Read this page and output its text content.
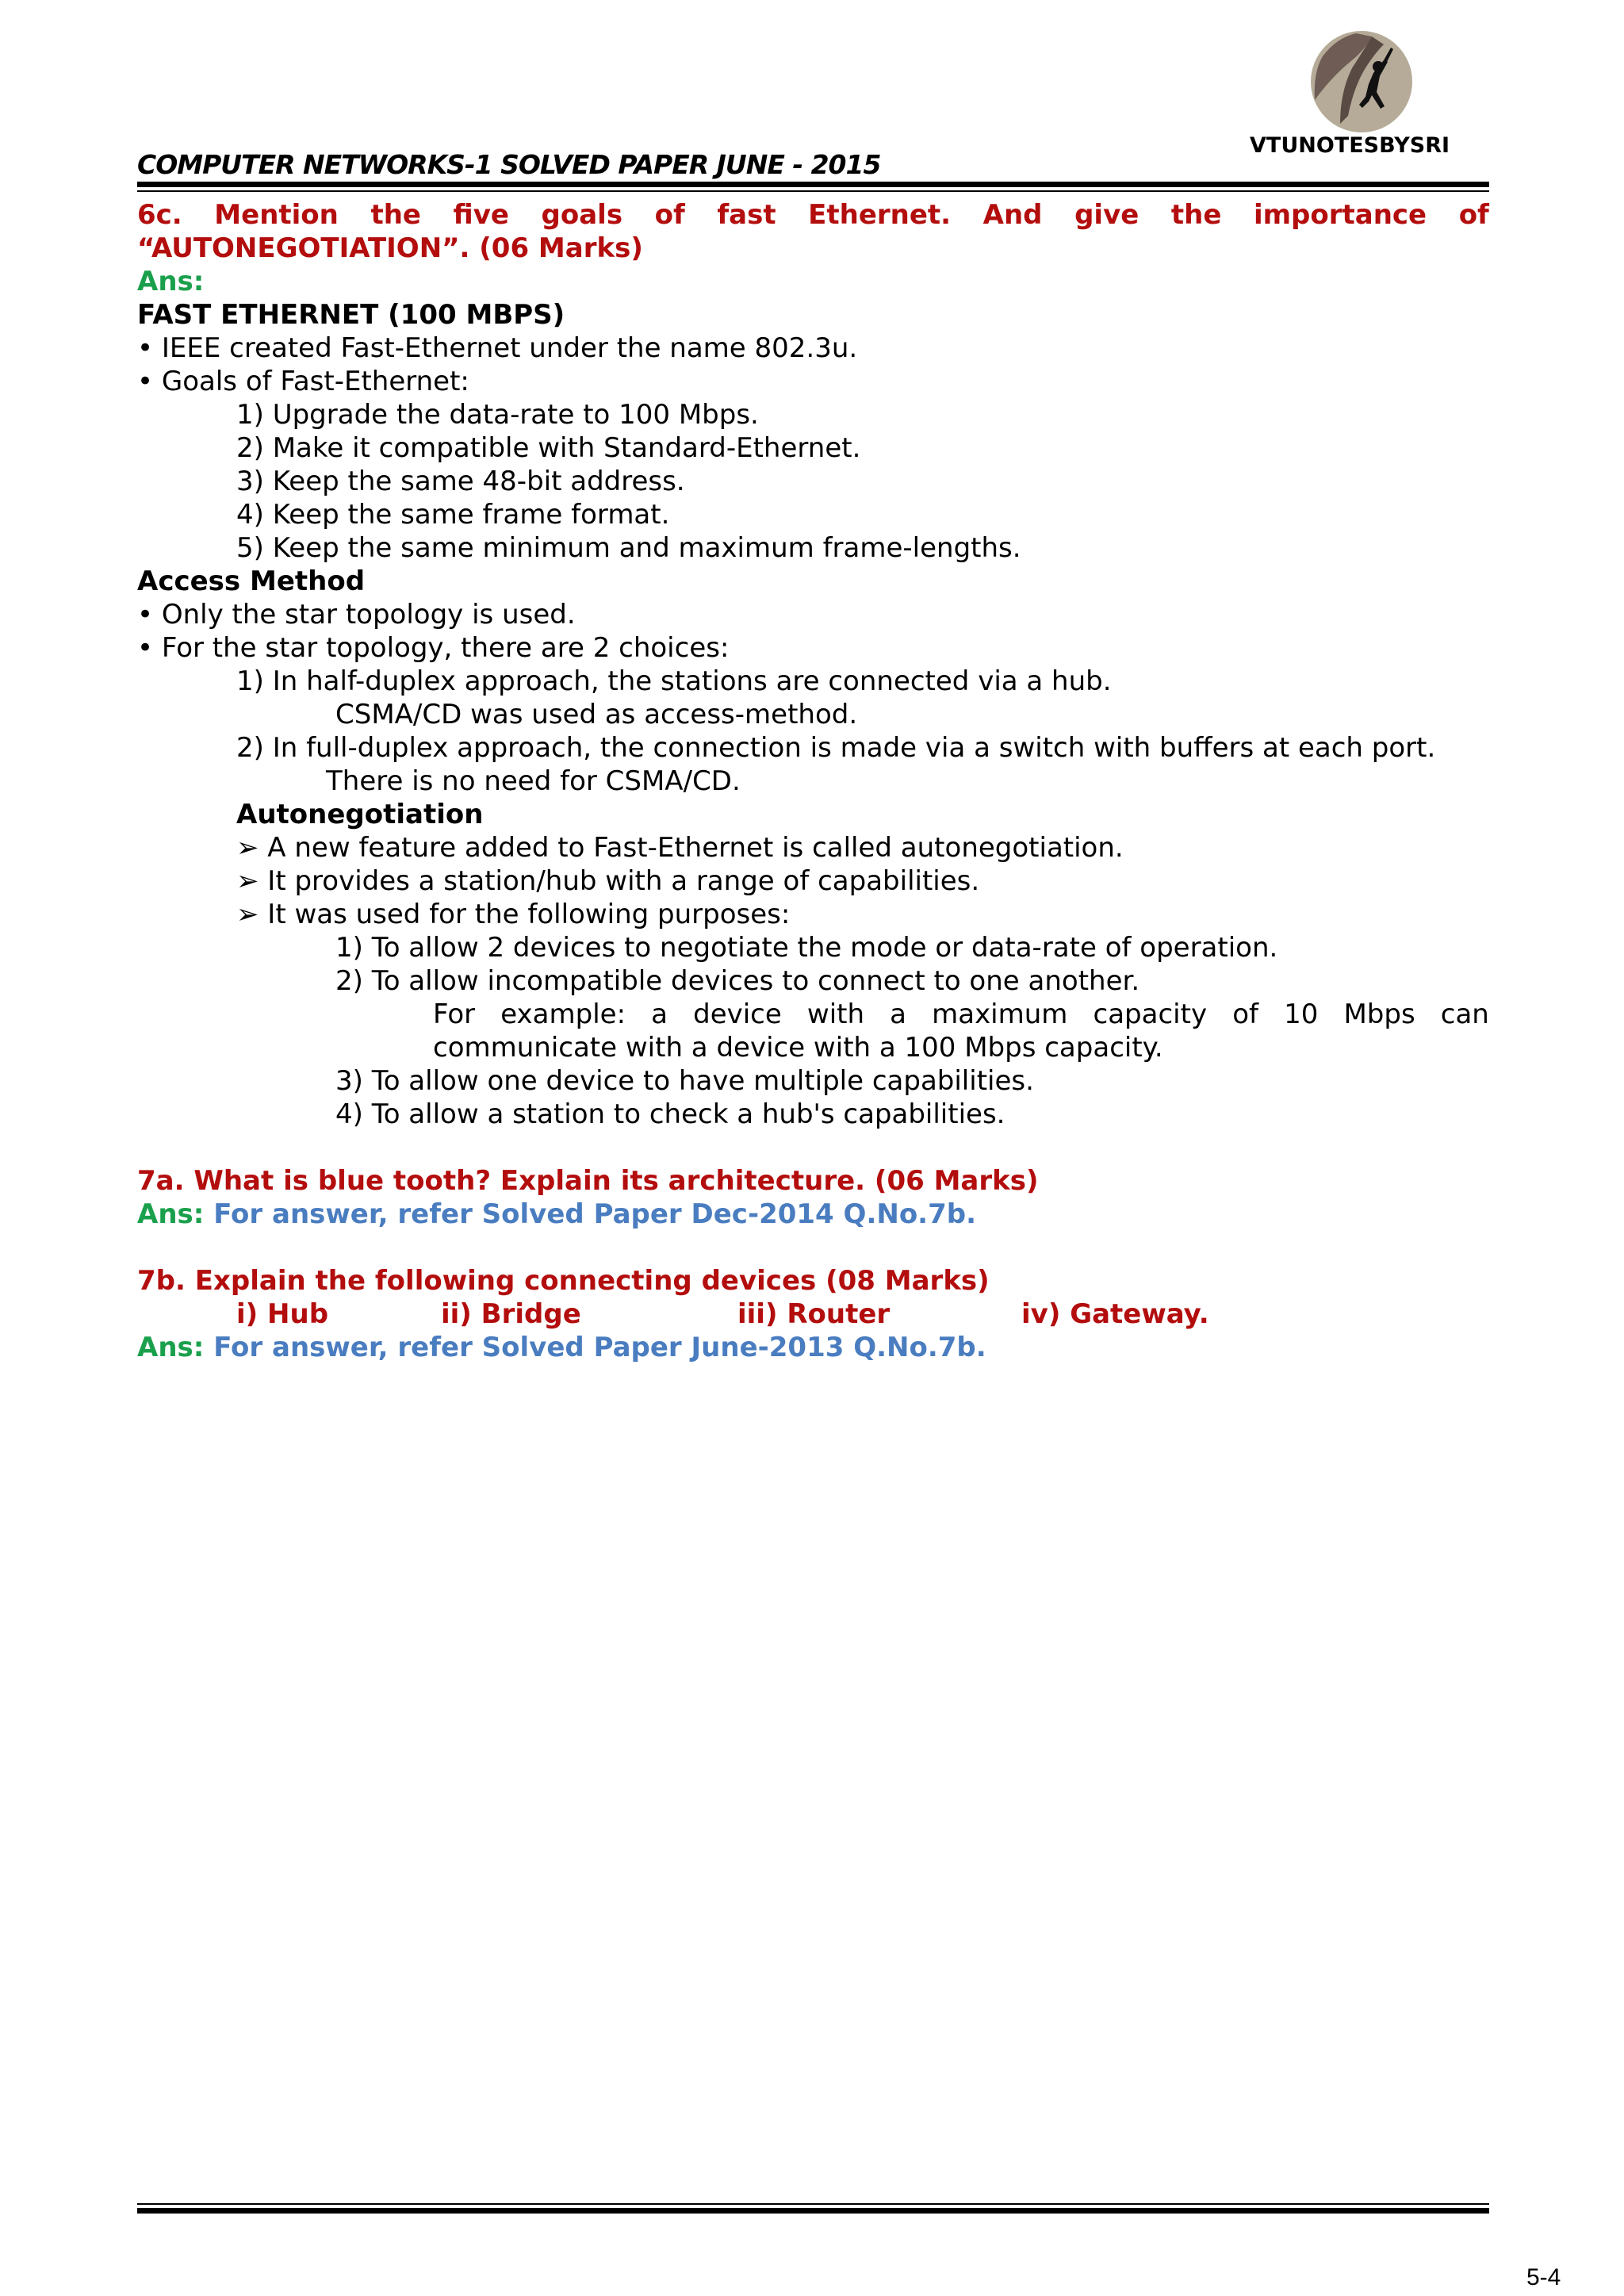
COMPUTER NETWORKS-1 SOLVED PAPER JUNE - 2015
VTUNOTESBYSRI
6c. Mention the five goals of fast Ethernet. And give the importance of
“AUTONEGOTIATION”. (06 Marks)
Ans:
FAST ETHERNET (100 MBPS)
• IEEE created Fast-Ethernet under the name 802.3u.
• Goals of Fast-Ethernet:
1) Upgrade the data-rate to 100 Mbps.
2) Make it compatible with Standard-Ethernet.
3) Keep the same 48-bit address.
4) Keep the same frame format.
5) Keep the same minimum and maximum frame-lengths.
Access Method
• Only the star topology is used.
• For the star topology, there are 2 choices:
1) In half-duplex approach, the stations are connected via a hub.
CSMA/CD was used as access-method.
2) In full-duplex approach, the connection is made via a switch with buffers at each port.
There is no need for CSMA/CD.
Autonegotiation
➢ A new feature added to Fast-Ethernet is called autonegotiation.
➢ It provides a station/hub with a range of capabilities.
➢ It was used for the following purposes:
1) To allow 2 devices to negotiate the mode or data-rate of operation.
2) To allow incompatible devices to connect to one another.
For example: a device with a maximum capacity of 10 Mbps can
communicate with a device with a 100 Mbps capacity.
3) To allow one device to have multiple capabilities.
4) To allow a station to check a hub's capabilities.
7a. What is blue tooth? Explain its architecture. (06 Marks)
Ans: For answer, refer Solved Paper Dec-2014 Q.No.7b.
7b. Explain the following connecting devices (08 Marks)
i) Hub	ii) Bridge	iii) Router	iv) Gateway.
Ans: For answer, refer Solved Paper June-2013 Q.No.7b.
5-4
